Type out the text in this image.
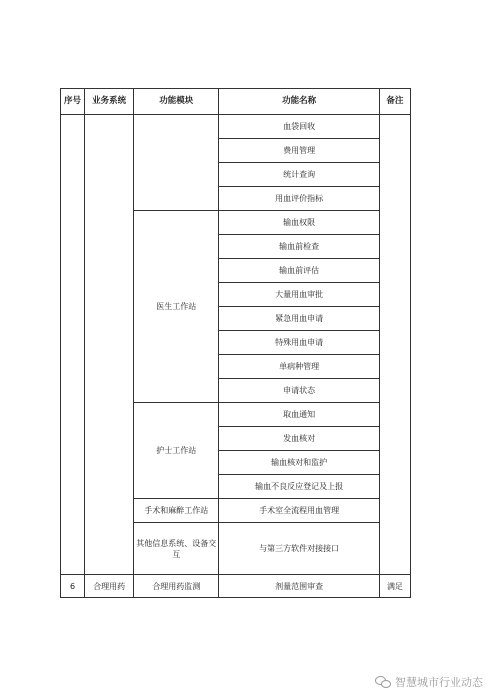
序号	业务系统	功能模块	功能名称	备注
			血袋回收	
			费用管理	
			统计查询	
			用血评价指标	
		医生工作站	输血权限	
			输血前检查	
			输血前评估	
			大量用血审批	
			紧急用血申请	
			特殊用血申请	
			单病种管理	
			申请状态	
		护士工作站	取血通知	
			发血核对	
			输血核对和监护	
			输血不良反应登记及上报	
		手术和麻醉工作站	手术室全流程用血管理	
		其他信息系统、设备交互	与第三方软件对接接口	
6	合理用药	合理用药监测	剂量范围审查	满足
智慧城市行业动态
